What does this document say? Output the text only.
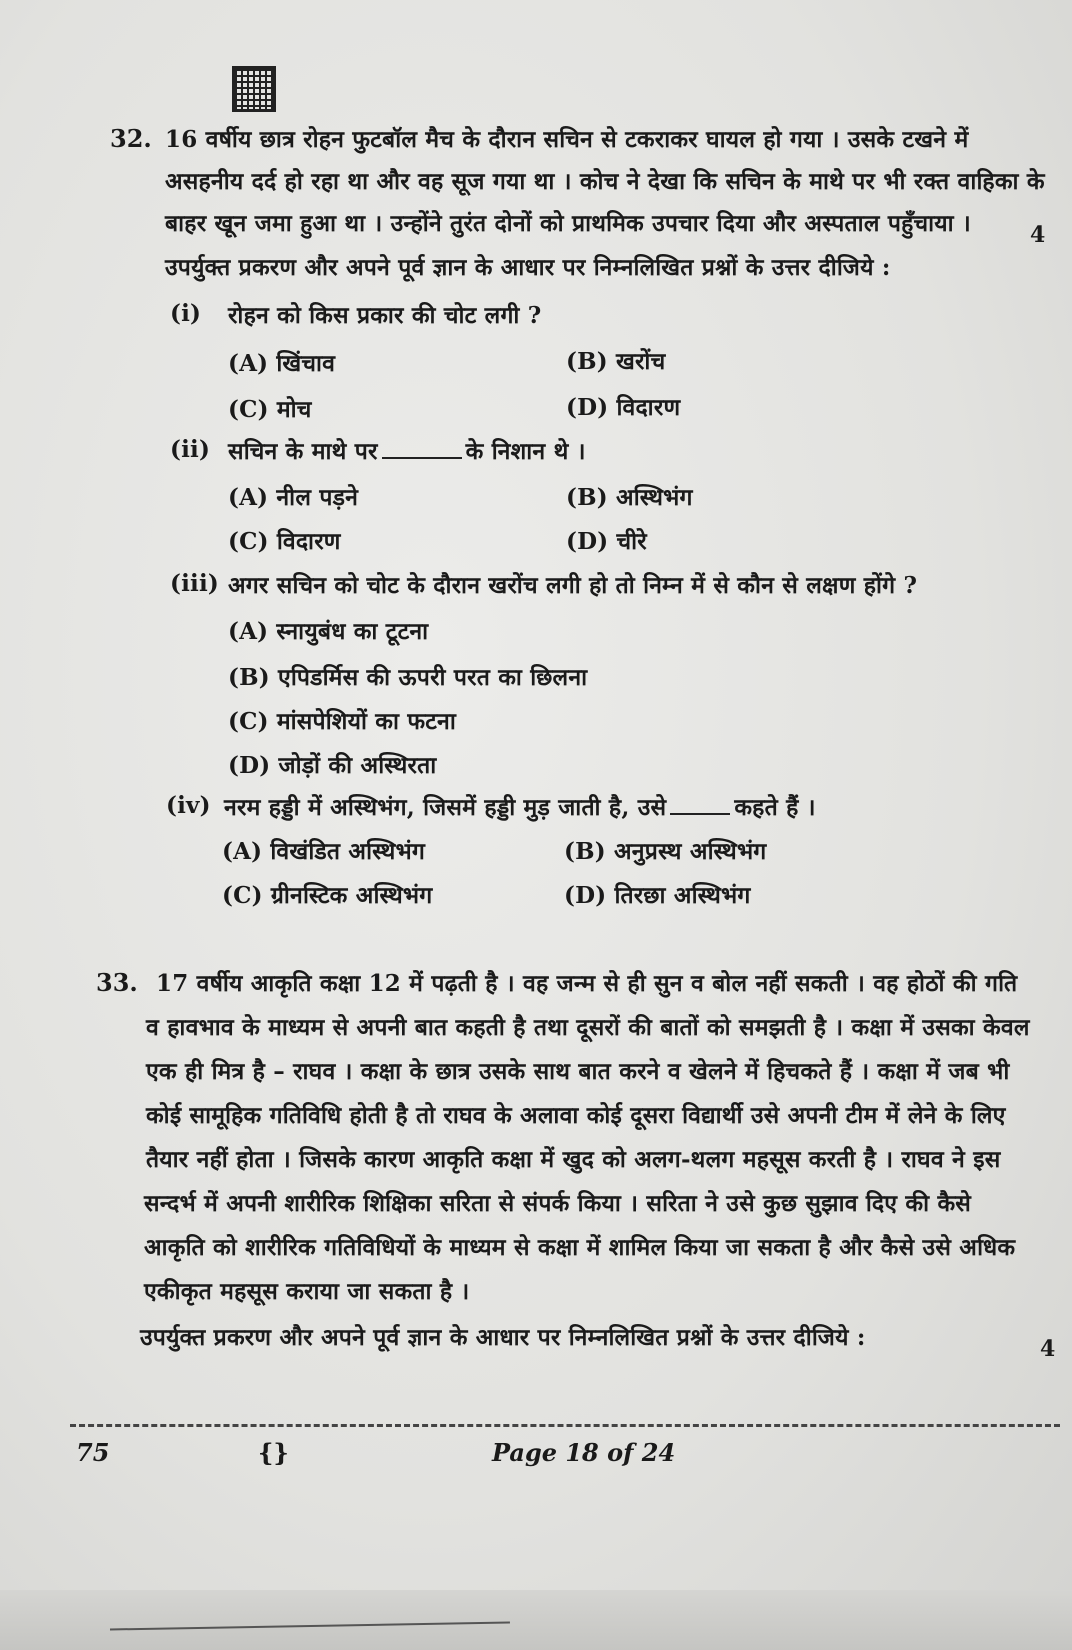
32. 16 वर्षीय छात्र रोहन फुटबॉल मैच के दौरान सचिन से टकराकर घायल हो गया । उसके टखने में
असहनीय दर्द हो रहा था और वह सूज गया था । कोच ने देखा कि सचिन के माथे पर भी रक्त वाहिका के
बाहर खून जमा हुआ था । उन्होंने तुरंत दोनों को प्राथमिक उपचार दिया और अस्पताल पहुँचाया ।	4
उपर्युक्त प्रकरण और अपने पूर्व ज्ञान के आधार पर निम्नलिखित प्रश्नों के उत्तर दीजिये :
(i) रोहन को किस प्रकार की चोट लगी ?
(A) खिंचाव	(B) खरोंच
(C) मोच	(D) विदारण
(ii) सचिन के माथे पर	के निशान थे ।
(A) नील पड़ने	(B) अस्थिभंग
(C) विदारण	(D) चीरे
(iii) अगर सचिन को चोट के दौरान खरोंच लगी हो तो निम्न में से कौन से लक्षण होंगे ?
(A) स्नायुबंध का टूटना
(B) एपिडर्मिस की ऊपरी परत का छिलना
(C) मांसपेशियों का फटना
(D) जोड़ों की अस्थिरता
(iv) नरम हड्डी में अस्थिभंग, जिसमें हड्डी मुड़ जाती है, उसे	कहते हैं ।
(A) विखंडित अस्थिभंग	(B) अनुप्रस्थ अस्थिभंग
(C) ग्रीनस्टिक अस्थिभंग	(D) तिरछा अस्थिभंग
33. 17 वर्षीय आकृति कक्षा 12 में पढ़ती है । वह जन्म से ही सुन व बोल नहीं सकती । वह होठों की गति
व हावभाव के माध्यम से अपनी बात कहती है तथा दूसरों की बातों को समझती है । कक्षा में उसका केवल
एक ही मित्र है – राघव । कक्षा के छात्र उसके साथ बात करने व खेलने में हिचकते हैं । कक्षा में जब भी
कोई सामूहिक गतिविधि होती है तो राघव के अलावा कोई दूसरा विद्यार्थी उसे अपनी टीम में लेने के लिए
तैयार नहीं होता । जिसके कारण आकृति कक्षा में खुद को अलग-थलग महसूस करती है । राघव ने इस
सन्दर्भ में अपनी शारीरिक शिक्षिका सरिता से संपर्क किया । सरिता ने उसे कुछ सुझाव दिए की कैसे
आकृति को शारीरिक गतिविधियों के माध्यम से कक्षा में शामिल किया जा सकता है और कैसे उसे अधिक
एकीकृत महसूस कराया जा सकता है ।
4
उपर्युक्त प्रकरण और अपने पूर्व ज्ञान के आधार पर निम्नलिखित प्रश्नों के उत्तर दीजिये :
75	{}	Page 18 of 24
